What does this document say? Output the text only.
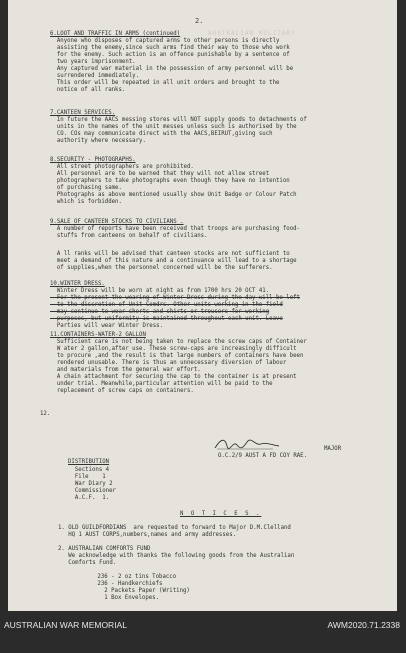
2.
AUSTRALIAN MILITARY
6.LOOT AND TRAFFIC IN ARMS (continued)
Anyone who disposes of captured arms to other persons is directly
assisting the enemy,since such arms find their way to those who work
for the enemy. Such action is an offence punishable by a sentence of
two years imprisonment.
Any captured war material in the possession of army personnel will be
surrendered immediately.
This order will be repeated in all unit orders and brought to the
notice of all ranks.
7.CANTEEN SERVICES.
In future the AACS messing stores will NOT supply goods to detachments of
units in the names of the unit messes unless such is authorised by the
CO. COs may communicate direct with the AACS,BEIRUT,giving such
authority where necessary.
8.SECURITY - PHOTOGRAPHS.
All street photographers are prohibited.
All personnel are to be warned that they will not allow street
photographers to take photographs even though they have no intention
of purchasing same.
Photographs as above mentioned usually show Unit Badge or Colour Patch
which is forbidden.
9.SALE OF CANTEEN STOCKS TO CIVILIANS .
A number of reports have been received that troops are purchasing food-
stuffs from canteens on behalf of civilians.
A ll ranks will be advised that canteen stocks are not sufficient to
meet a demand of this nature and a continuance will lead to a shortage
of supplies,when the personnel concerned will be the sufferers.
10.WINTER DRESS.
Winter Dress will be worn at night as from 1700 hrs 20 OCT 41.
For the present the wearing of Winter Dress during the day will be left
to the discretion of Unit Comdrs. Other units working in the field
may continue to wear shorts and shirts or trousers for working
purposes, but uniformity is maintained throughout each unit. Leave
Parties will wear Winter Dress.
11.CONTAINERS-WATER-2 GALLON
Sufficient care is not being taken to replace the screw caps of Container
W ater 2 gallon,after use. These screw-caps are increasingly difficult
to procure ,and the result is that large numbers of containers have been
rendered unusable. There is thus an unnecessary diversion of labour
and materials from the general war effort.
A chain attachment for securing the cap to the container is at present
under trial. Meanwhile,particular attention will be paid to the
replacement of screw caps on containers.
12.
MAJOR
O.C.2/9 AUST A FD COY RAE.
DISTRIBUTION
Sections 4
File    1
War Diary 2
Commissioner
A.C.F.  1.
N O T I C E S .
1. OLD GUILDFORDIANS  are requested to forward to Major D.M.Clelland
HQ 1 AUST CORPS,numbers,names and army addresses.
2. AUSTRALIAN COMFORTS FUND
We acknowledge with thanks the following goods from the Australian
Comforts Fund.
236 - 2 oz tins Tobacco
236 - Handkerchiefs
2 Packets Paper (Writing)
1 Box Envelopes.
AUSTRALIAN WAR MEMORIAL	AWM2020.71.2338
